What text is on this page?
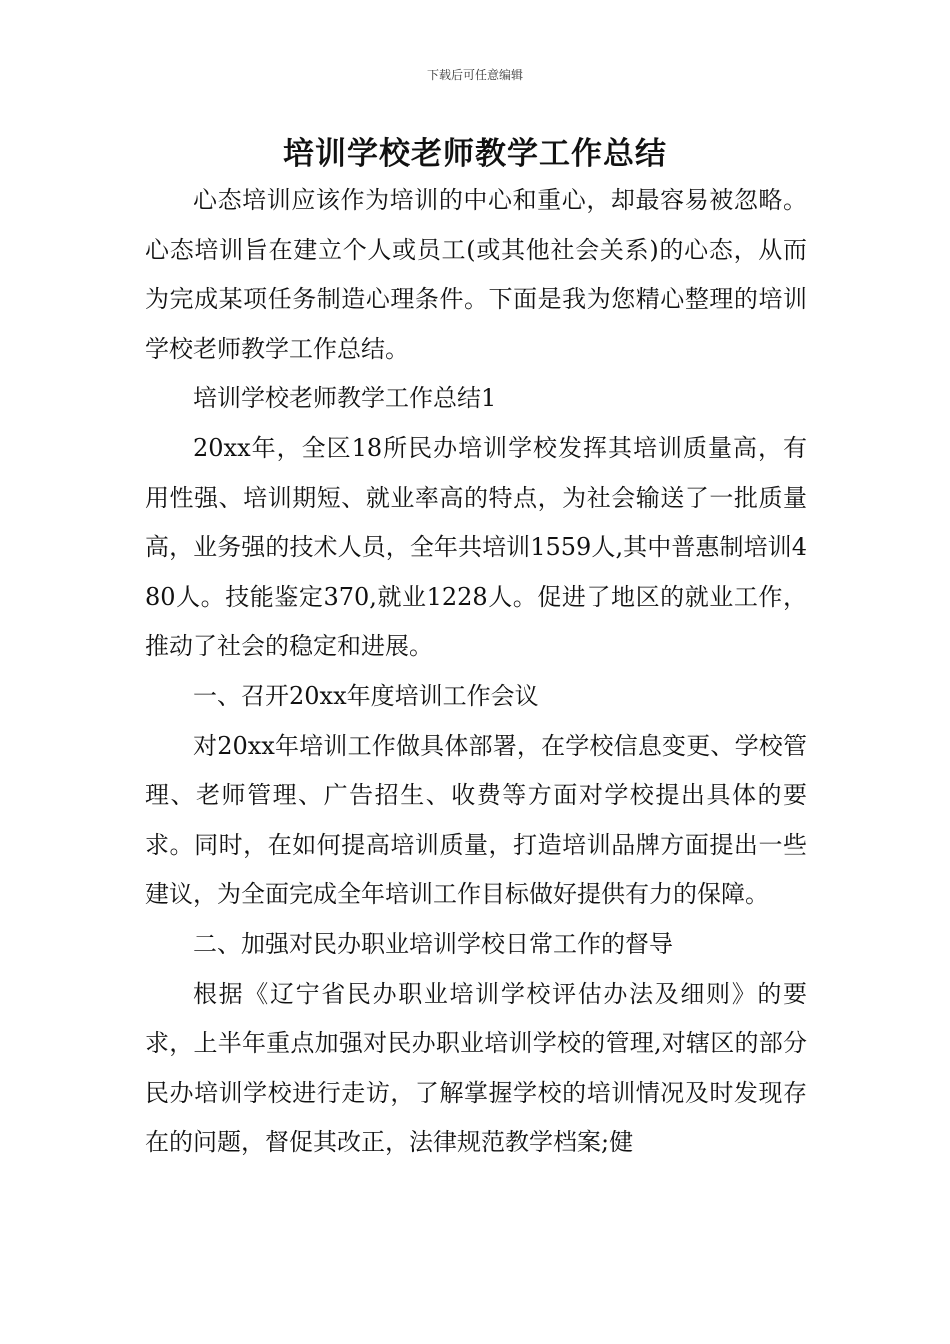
下载后可任意编辑
培训学校老师教学工作总结

心态培训应该作为培训的中心和重心，却最容易被忽略。心态培训旨在建立个人或员工(或其他社会关系)的心态，从而为完成某项任务制造心理条件。下面是我为您精心整理的培训学校老师教学工作总结。

培训学校老师教学工作总结1

20xx年，全区18所民办培训学校发挥其培训质量高，有用性强、培训期短、就业率高的特点，为社会输送了一批质量高，业务强的技术人员，全年共培训1559人,其中普惠制培训480人。技能鉴定370,就业1228人。促进了地区的就业工作，推动了社会的稳定和进展。

一、召开20xx年度培训工作会议

对20xx年培训工作做具体部署，在学校信息变更、学校管理、老师管理、广告招生、收费等方面对学校提出具体的要求。同时，在如何提高培训质量，打造培训品牌方面提出一些建议，为全面完成全年培训工作目标做好提供有力的保障。

二、加强对民办职业培训学校日常工作的督导

根据《辽宁省民办职业培训学校评估办法及细则》的要求，上半年重点加强对民办职业培训学校的管理,对辖区的部分民办培训学校进行走访，了解掌握学校的培训情况及时发现存在的问题，督促其改正，法律规范教学档案;健
